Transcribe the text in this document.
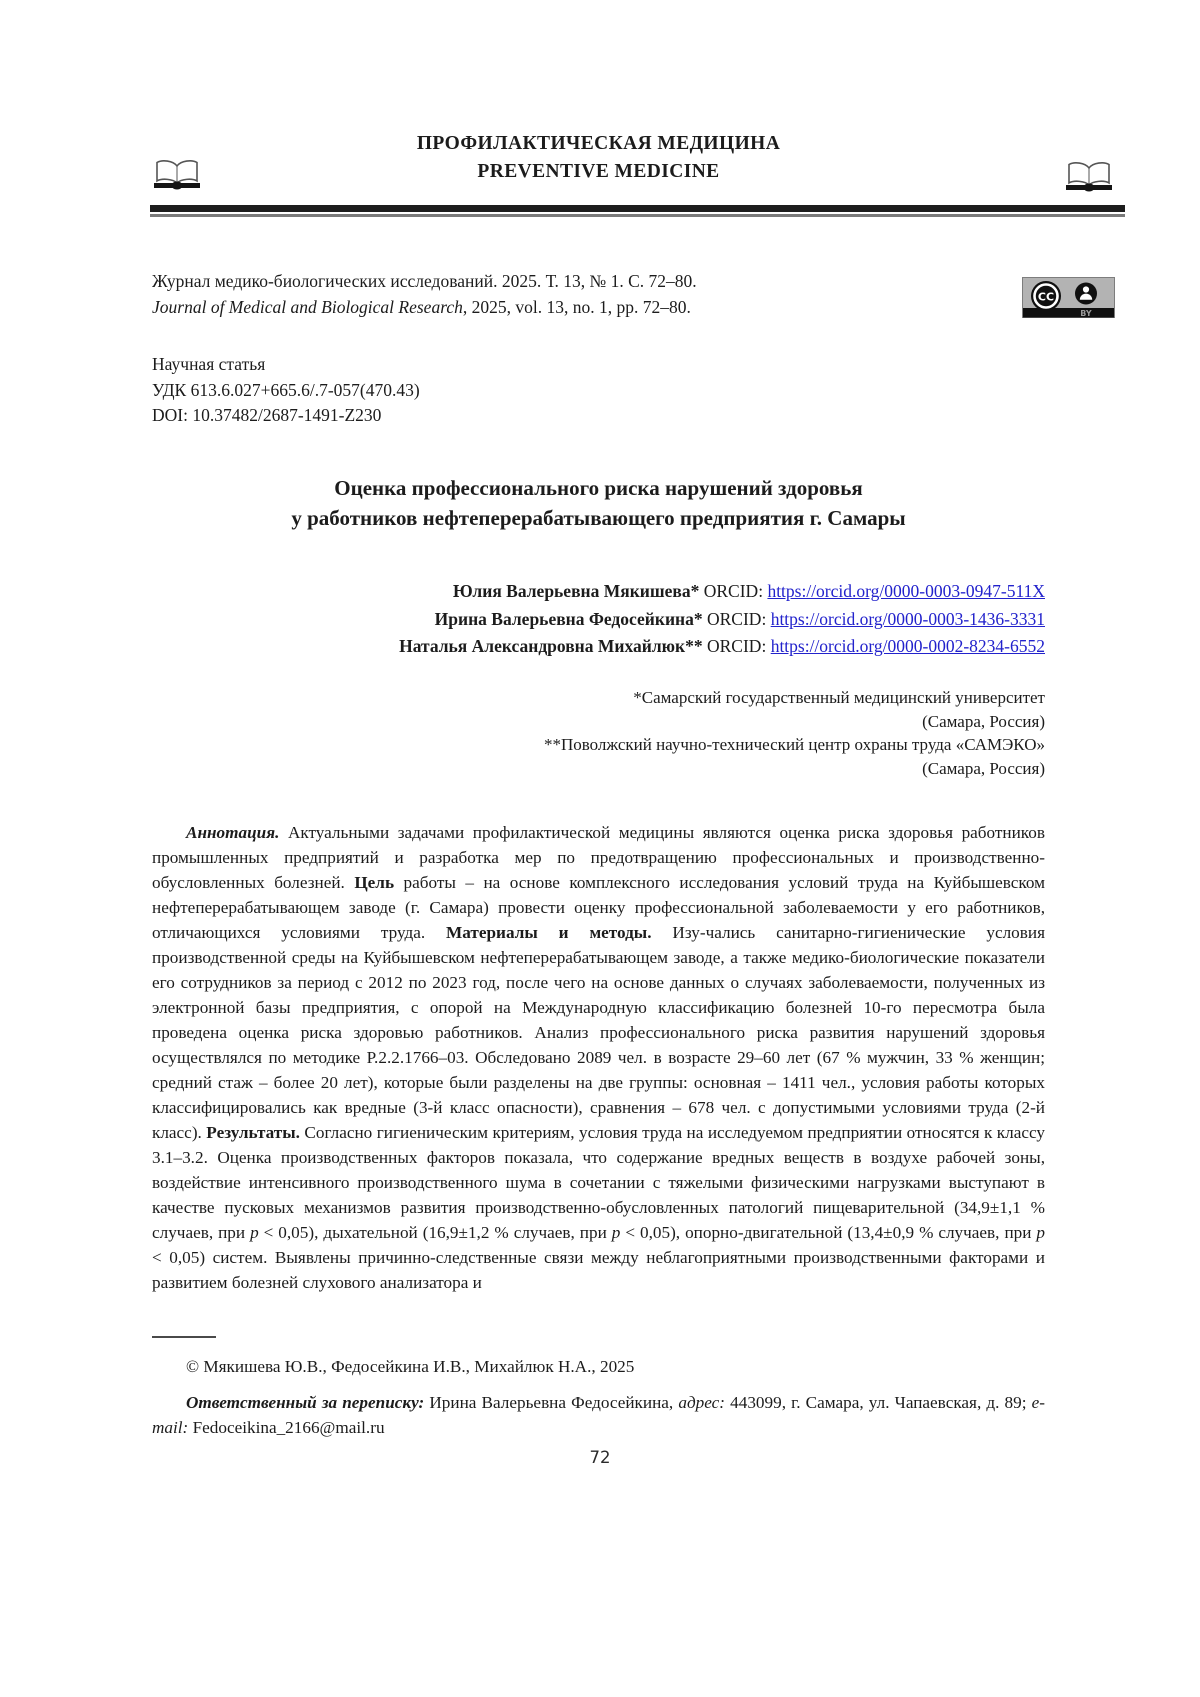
ПРОФИЛАКТИЧЕСКАЯ МЕДИЦИНА
PREVENTIVE MEDICINE
Журнал медико-биологических исследований. 2025. Т. 13, № 1. С. 72–80.
Journal of Medical and Biological Research, 2025, vol. 13, no. 1, pp. 72–80.	CC
BY
Научная статья
УДК 613.6.027+665.6/.7-057(470.43)
DOI: 10.37482/2687-1491-Z230
Оценка профессионального риска нарушений здоровья
у работников нефтеперерабатывающего предприятия г. Самары
Юлия Валерьевна Мякишева* ORCID: https://orcid.org/0000-0003-0947-511X
Ирина Валерьевна Федосейкина* ORCID: https://orcid.org/0000-0003-1436-3331
Наталья Александровна Михайлюк** ORCID: https://orcid.org/0000-0002-8234-6552
*Самарский государственный медицинский университет
(Самара, Россия)
**Поволжский научно-технический центр охраны труда «САМЭКО»
(Самара, Россия)

Аннотация. Актуальными задачами профилактической медицины являются оценка риска здоровья работников промышленных предприятий и разработка мер по предотвращению профессиональных и производственно-обусловленных болезней. Цель работы – на основе комплексного исследования условий труда на Куйбышевском нефтеперерабатывающем заводе (г. Самара) провести оценку профессиональной заболеваемости у его работников, отличающихся условиями труда. Материалы и методы. Изу-чались санитарно-гигиенические условия производственной среды на Куйбышевском нефтеперерабатывающем заводе, а также медико-биологические показатели его сотрудников за период с 2012 по 2023 год, после чего на основе данных о случаях заболеваемости, полученных из электронной базы предприятия, с опорой на Международную классификацию болезней 10-го пересмотра была проведена оценка риска здоровью работников. Анализ профессионального риска развития нарушений здоровья осуществлялся по методике Р.2.2.1766–03. Обследовано 2089 чел. в возрасте 29–60 лет (67 % мужчин, 33 % женщин; средний стаж – более 20 лет), которые были разделены на две группы: основная – 1411 чел., условия работы которых классифицировались как вредные (3-й класс опасности), сравнения – 678 чел. с допустимыми условиями труда (2-й класс). Результаты. Согласно гигиеническим критериям, условия труда на исследуемом предприятии относятся к классу 3.1–3.2. Оценка производственных факторов показала, что содержание вредных веществ в воздухе рабочей зоны, воздействие интенсивного производственного шума в сочетании с тяжелыми физическими нагрузками выступают в качестве пусковых механизмов развития производственно-обусловленных патологий пищеварительной (34,9±1,1 % случаев, при p < 0,05), дыхательной (16,9±1,2 % случаев, при p < 0,05), опорно-двигательной (13,4±0,9 % случаев, при p < 0,05) систем. Выявлены причинно-следственные связи между неблагоприятными производственными факторами и развитием болезней слухового анализатора и

© Мякишева Ю.В., Федосейкина И.В., Михайлюк Н.А., 2025

Ответственный за переписку: Ирина Валерьевна Федосейкина, адрес: 443099, г. Самара, ул. Чапаевская, д. 89; e-mail: Fedoceikina_2166@mail.ru

72
